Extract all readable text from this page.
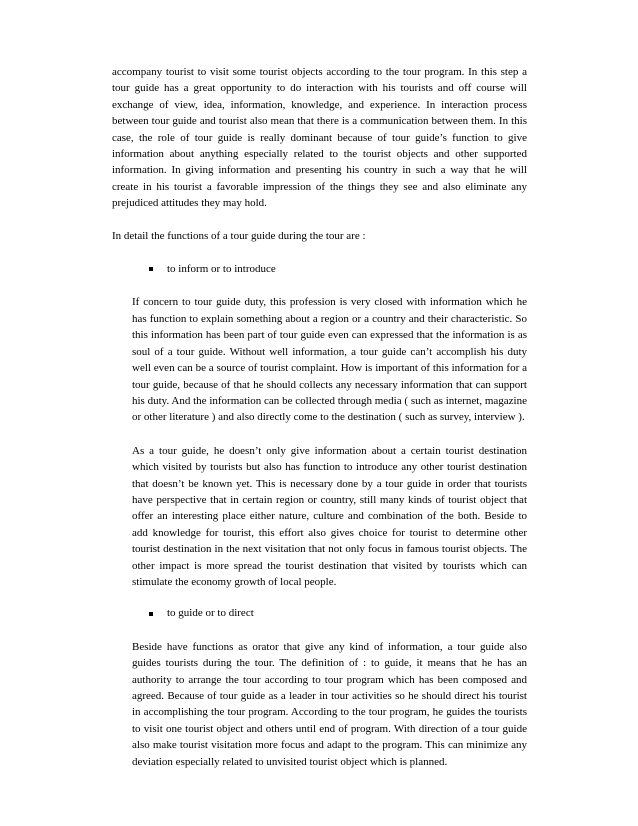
accompany tourist to visit some tourist objects according to the tour program. In this step a tour guide has a great opportunity to do interaction with his tourists and off course will exchange of view, idea, information, knowledge, and experience. In interaction process between tour guide and tourist also mean that there is a communication between them. In this case, the role of tour guide is really dominant because of tour guide’s function to give information about anything especially related to the tourist objects and other supported information. In giving information and presenting his country in such a way that he will create in his tourist a favorable impression of the things they see and also eliminate any prejudiced attitudes they may hold.

In detail the functions of a tour guide during the tour are :

to inform or to introduce

If concern to tour guide duty, this profession is very closed with information which he has function to explain something about a region or a country and their characteristic. So this information has been part of tour guide even can expressed that the information is as soul of a tour guide. Without well information, a tour guide can’t accomplish his duty well even can be a source of tourist complaint. How is important of this information for a tour guide, because of that he should collects any necessary information that can support his duty. And the information can be collected through media ( such as internet, magazine or other literature ) and also directly come to the destination ( such as survey, interview ).

As a tour guide, he doesn’t only give information about a certain tourist destination which visited by tourists but also has function to introduce any other tourist destination that doesn’t be known yet. This is necessary done by a tour guide in order that tourists have perspective that in certain region or country, still many kinds of tourist object that offer an interesting place either nature, culture and combination of the both. Beside to add knowledge for tourist, this effort also gives choice for tourist to determine other tourist destination in the next visitation that not only focus in famous tourist objects. The other impact is more spread the tourist destination that visited by tourists which can stimulate the economy growth of local people.

to guide or to direct

Beside have functions as orator that give any kind of information, a tour guide also guides tourists during the tour. The definition of : to guide, it means that he has an authority to arrange the tour according to tour program which has been composed and agreed. Because of tour guide as a leader in tour activities so he should direct his tourist in accomplishing the tour program. According to the tour program, he guides the tourists to visit one tourist object and others until end of program. With direction of a tour guide also make tourist visitation more focus and adapt to the program. This can minimize any deviation especially related to unvisited tourist object which is planned.
